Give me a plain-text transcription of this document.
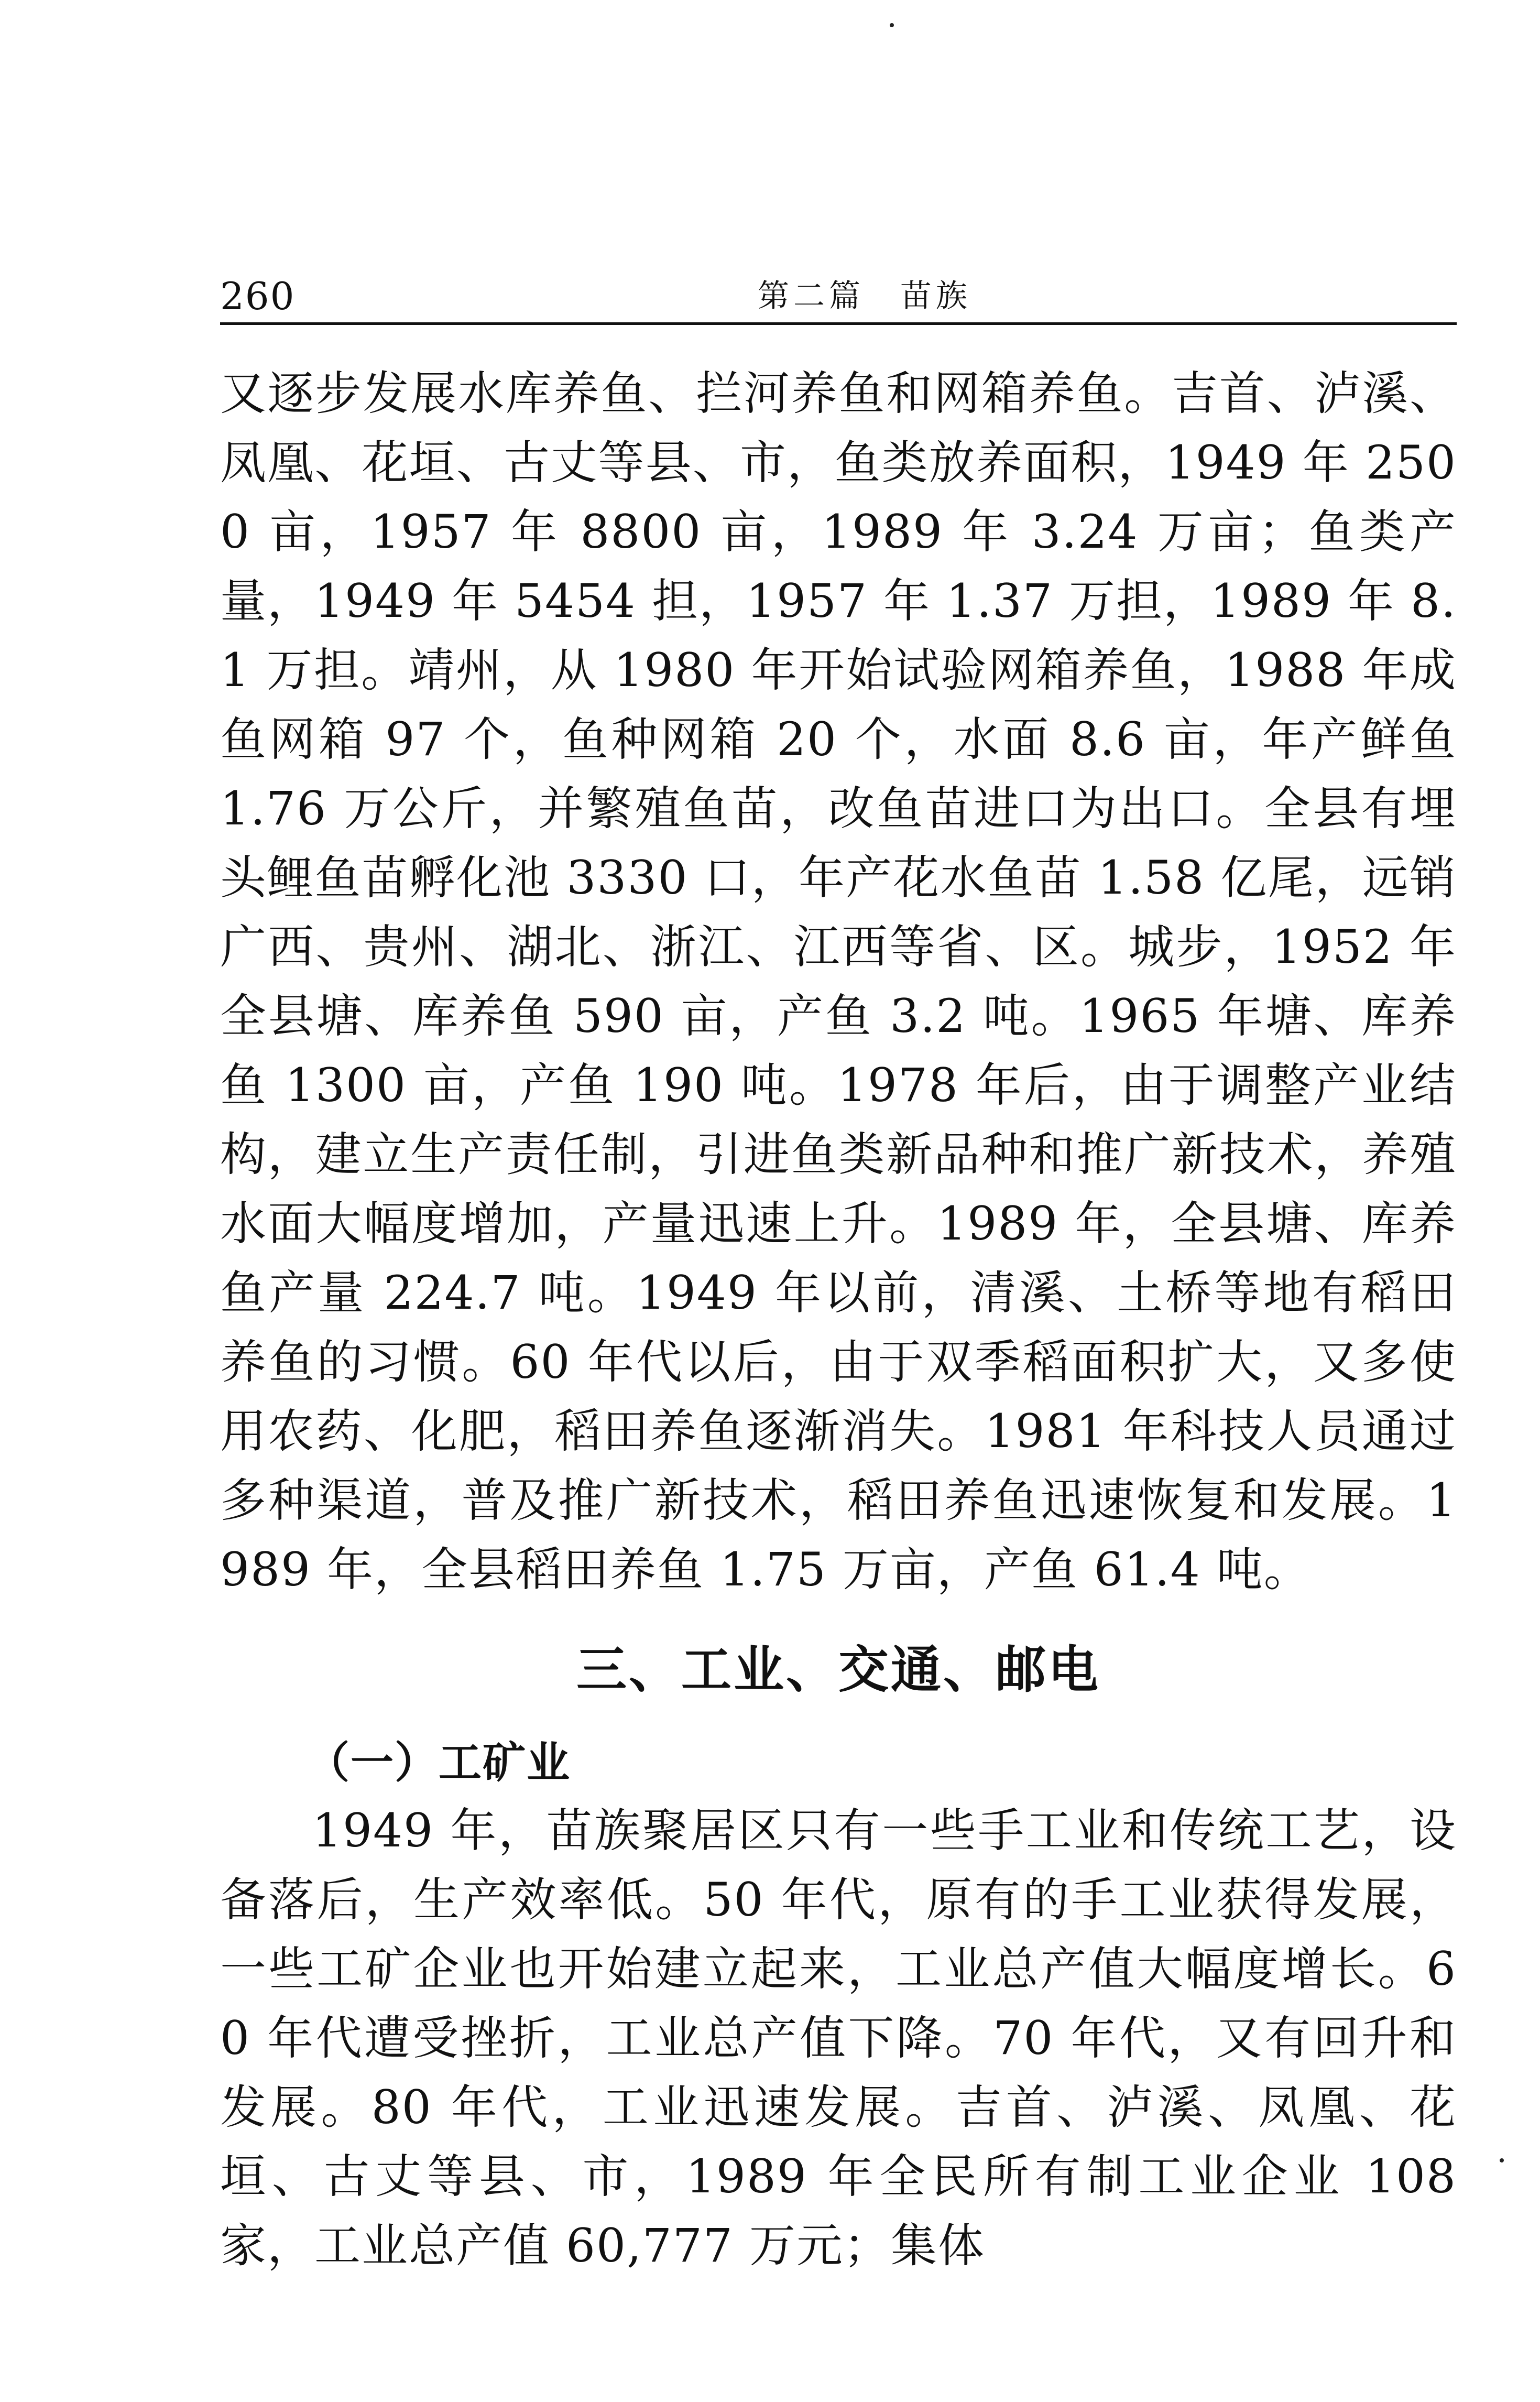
260	第二篇　苗族

又逐步发展水库养鱼、拦河养鱼和网箱养鱼。吉首、泸溪、凤凰、花垣、古丈等县、市，鱼类放养面积，1949 年 2500 亩，1957 年 8800 亩，1989 年 3.24 万亩；鱼类产量，1949 年 5454 担，1957 年 1.37 万担，1989 年 8.1 万担。靖州，从 1980 年开始试验网箱养鱼，1988 年成鱼网箱 97 个，鱼种网箱 20 个，水面 8.6 亩，年产鲜鱼 1.76 万公斤，并繁殖鱼苗，改鱼苗进口为出口。全县有埋头鲤鱼苗孵化池 3330 口，年产花水鱼苗 1.58 亿尾，远销广西、贵州、湖北、浙江、江西等省、区。城步，1952 年全县塘、库养鱼 590 亩，产鱼 3.2 吨。1965 年塘、库养鱼 1300 亩，产鱼 190 吨。1978 年后，由于调整产业结构，建立生产责任制，引进鱼类新品种和推广新技术，养殖水面大幅度增加，产量迅速上升。1989 年，全县塘、库养鱼产量 224.7 吨。1949 年以前，清溪、土桥等地有稻田养鱼的习惯。60 年代以后，由于双季稻面积扩大，又多使用农药、化肥，稻田养鱼逐渐消失。1981 年科技人员通过多种渠道，普及推广新技术，稻田养鱼迅速恢复和发展。1989 年，全县稻田养鱼 1.75 万亩，产鱼 61.4 吨。

三、工业、交通、邮电
（一）工矿业

1949 年，苗族聚居区只有一些手工业和传统工艺，设备落后，生产效率低。50 年代，原有的手工业获得发展，一些工矿企业也开始建立起来，工业总产值大幅度增长。60 年代遭受挫折，工业总产值下降。70 年代，又有回升和发展。80 年代，工业迅速发展。吉首、泸溪、凤凰、花垣、古丈等县、市，1989 年全民所有制工业企业 108 家，工业总产值 60,777 万元；集体
